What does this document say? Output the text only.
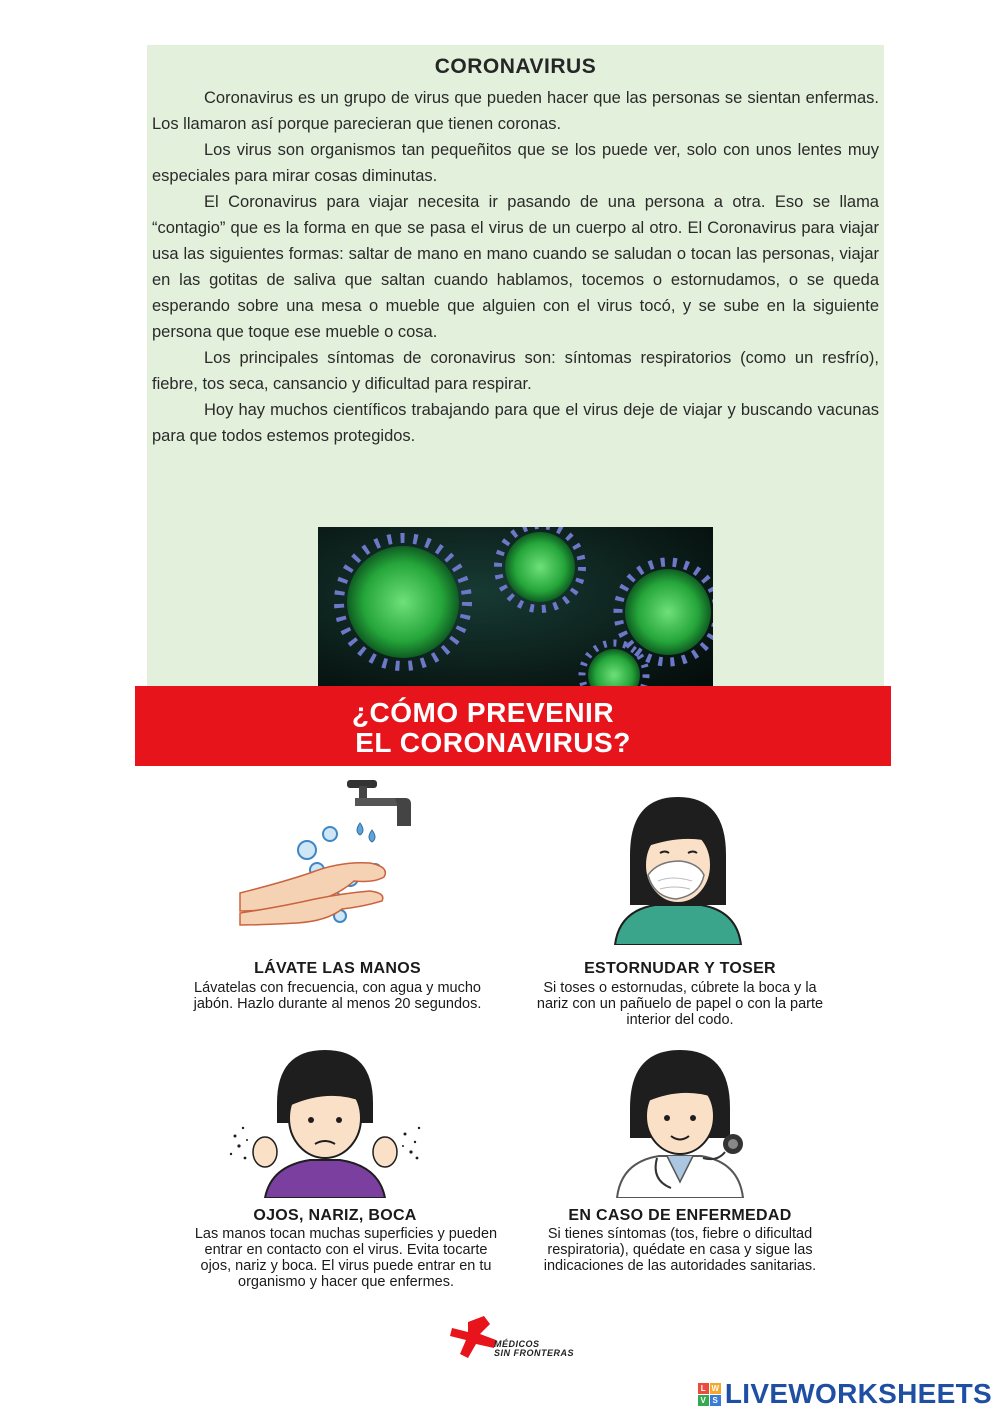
CORONAVIRUS

Coronavirus es un grupo de virus que pueden hacer que las personas se sientan enfermas. Los llamaron así porque parecieran que tienen coronas.

Los virus son organismos tan pequeñitos que se los puede ver, solo con unos lentes muy especiales para mirar cosas diminutas.

El Coronavirus para viajar necesita ir pasando de una persona a otra. Eso se llama “contagio” que es la forma en que se pasa el virus de un cuerpo al otro. El Coronavirus para viajar usa las siguientes formas: saltar de mano en mano cuando se saludan o tocan las personas, viajar en las gotitas de saliva que saltan cuando hablamos, tocemos o estornudamos, o se queda esperando sobre una mesa o mueble que alguien con el virus tocó, y se sube en la siguiente persona que toque ese mueble o cosa.

Los principales síntomas de coronavirus son: síntomas respiratorios (como un resfrío), fiebre, tos seca, cansancio y dificultad para respirar.

Hoy hay muchos científicos trabajando para que el virus deje de viajar y buscando vacunas para que todos estemos protegidos.

¿CÓMO PREVENIR
EL CORONAVIRUS?
LÁVATE LAS MANOS
Lávatelas con frecuencia, con agua y mucho jabón. Hazlo durante al menos 20 segundos.
ESTORNUDAR Y TOSER
Si toses o estornudas, cúbrete la boca y la nariz con un pañuelo de papel o con la parte interior del codo.
OJOS, NARIZ, BOCA
Las manos tocan muchas superficies y pueden entrar en contacto con el virus. Evita tocarte ojos, nariz y boca. El virus puede entrar en tu organismo y hacer que enfermes.
EN CASO DE ENFERMEDAD
Si tienes síntomas (tos, fiebre o dificultad respiratoria), quédate en casa y sigue las indicaciones de las autoridades sanitarias.
MÉDICOS
SIN FRONTERAS
L W
V S LIVEWORKSHEETS
